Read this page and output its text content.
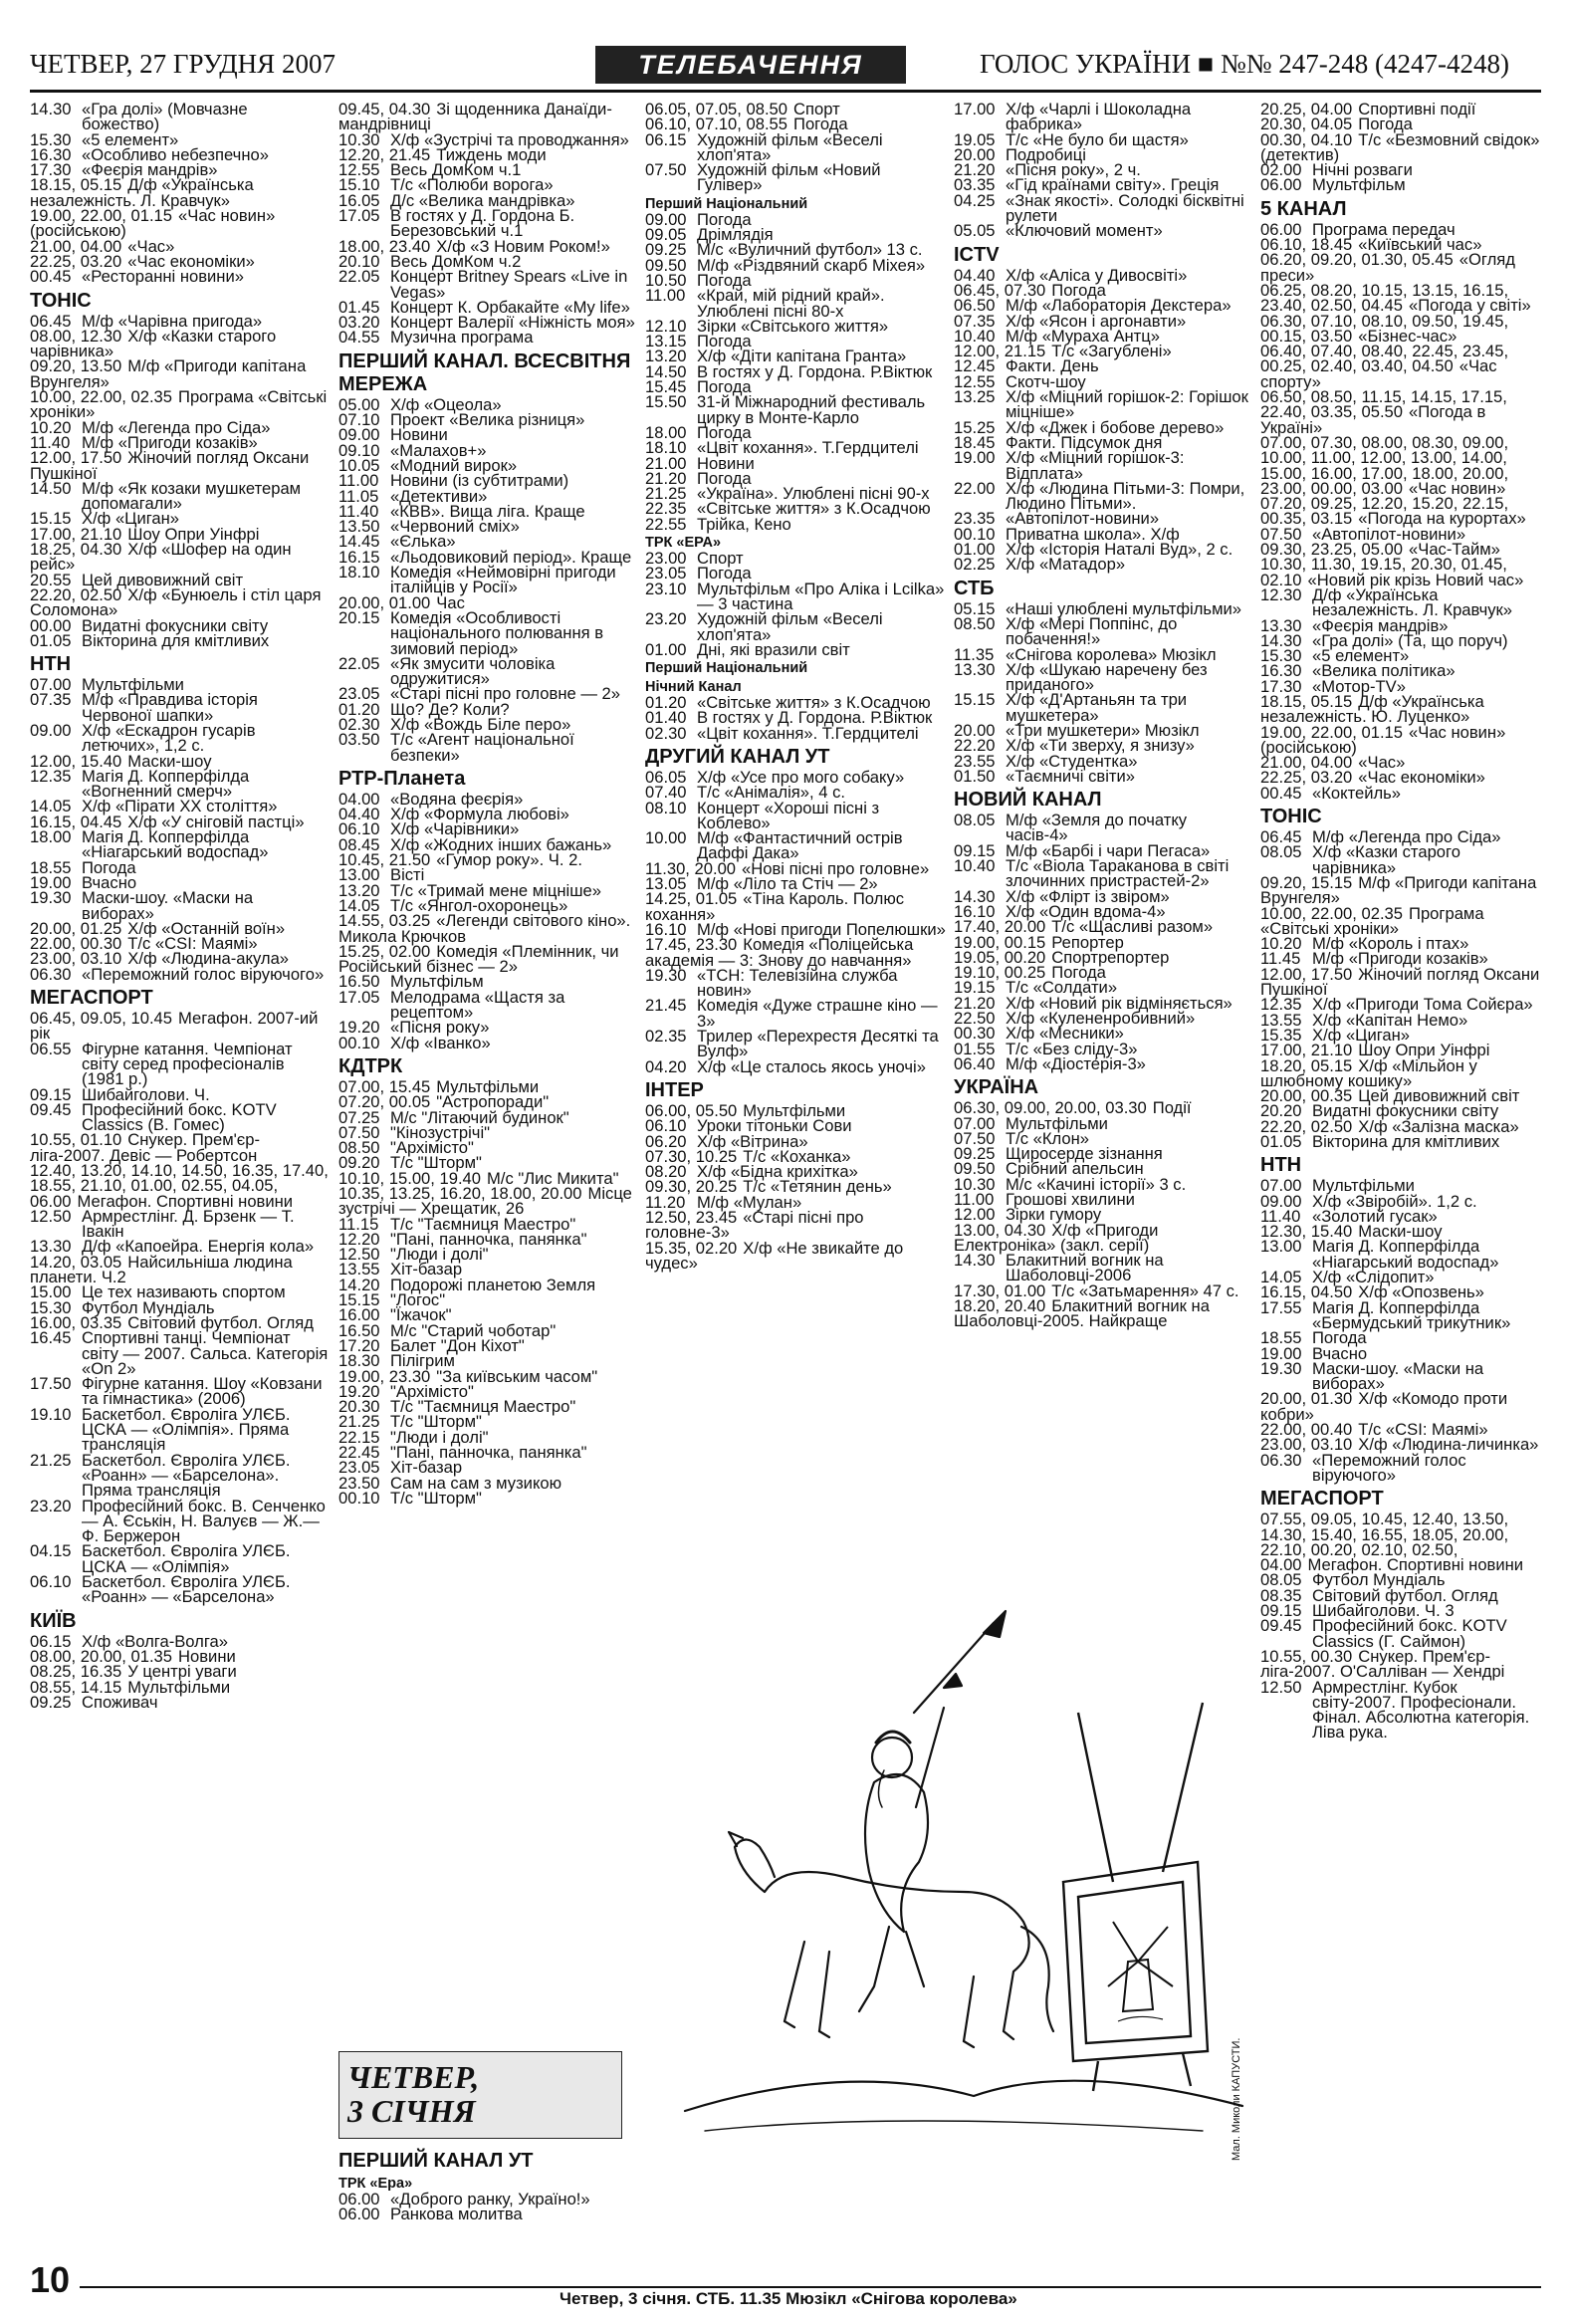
ЧЕТВЕР, 27 ГРУДНЯ 2007	ТЕЛЕБАЧЕННЯ	ГОЛОС УКРАЇНИ ■ №№ 247-248 (4247-4248)
14.30 «Гра долі» (Мовчазне божество)
15.30 «5 елемент»
16.30 «Особливо небезпечно»
17.30 «Феєрія мандрів»
18.15, 05.15 Д/ф «Українська незалежність. Л. Кравчук»
19.00, 22.00, 01.15 «Час новин» (російською)
21.00, 04.00 «Час»
22.25, 03.20 «Час економіки»
00.45 «Ресторанні новини»
ТОНІС
06.45 М/ф «Чарівна пригода»
08.00, 12.30 Х/ф «Казки старого чарівника»
09.20, 13.50 М/ф «Пригоди капітана Врунгеля»
10.00, 22.00, 02.35 Програма «Світські хроніки»
10.20 М/ф «Легенда про Сіда»
11.40 М/ф «Пригоди козаків»
12.00, 17.50 Жіночий погляд Оксани Пушкіної
14.50 М/ф «Як козаки мушкетерам допомагали»
15.15 Х/ф «Циган»
17.00, 21.10 Шоу Опри Уінфрі
18.25, 04.30 Х/ф «Шофер на один рейс»
20.55 Цей дивовижний світ
22.20, 02.50 Х/ф «Бунюель і стіл царя Соломона»
00.00 Видатні фокусники світу
01.05 Вікторина для кмітливих
НТН
07.00 Мультфільми
07.35 М/ф «Правдива історія Червоної шапки»
09.00 Х/ф «Ескадрон гусарів летючих», 1,2 с.
12.00, 15.40 Маски-шоу
12.35 Магія Д. Копперфілда «Вогненний смерч»
14.05 Х/ф «Пірати XX століття»
16.15, 04.45 Х/ф «У сніговій пастці»
18.00 Магія Д. Копперфілда «Ніагарський водоспад»
18.55 Погода
19.00 Вчасно
19.30 Маски-шоу. «Маски на виборах»
20.00, 01.25 Х/ф «Останній воїн»
22.00, 00.30 Т/с «CSI: Маямі»
23.00, 03.10 Х/ф «Людина-акула»
06.30 «Переможний голос віруючого»
МЕГАСПОРТ
06.45, 09.05, 10.45 Мегафон. 2007-ий рік
06.55 Фігурне катання. Чемпіонат світу серед професіоналів (1981 р.)
09.15 Шибайголови. Ч.
09.45 Професійний бокс. KOTV Classics (В. Гомес)
10.55, 01.10 Снукер. Прем'єр-ліга-2007. Девіс — Робертсон
12.40, 13.20, 14.10, 14.50, 16.35, 17.40, 18.55, 21.10, 01.00, 02.55, 04.05, 06.00 Мегафон. Спортивні новини
12.50 Армрестлінг. Д. Брзенк — Т. Івакін
13.30 Д/ф «Капоейра. Енергія кола»
14.20, 03.05 Найсильніша людина планети. Ч.2
15.00 Це тех називають спортом
15.30 Футбол Мундіаль
16.00, 03.35 Світовий футбол. Огляд
16.45 Спортивні танці. Чемпіонат світу — 2007. Сальса. Категорія «On 2»
17.50 Фігурне катання. Шоу «Ковзани та гімнастика» (2006)
19.10 Баскетбол. Євроліга УЛЄБ. ЦСКА — «Олімпія». Пряма трансляція
21.25 Баскетбол. Євроліга УЛЄБ. «Роанн» — «Барселона». Пряма трансляція
23.20 Професійний бокс. В. Сенченко — А. Єськін, Н. Валуєв — Ж.— Ф. Бержерон
04.15 Баскетбол. Євроліга УЛЄБ. ЦСКА — «Олімпія»
06.10 Баскетбол. Євроліга УЛЄБ. «Роанн» — «Барселона»
КИЇВ
06.15 Х/ф «Волга-Волга»
08.00, 20.00, 01.35 Новини
08.25, 16.35 У центрі уваги
08.55, 14.15 Мультфільми
09.25 Споживач
09.45, 04.30 Зі щоденника Данаїди-мандрівниці
10.30 Х/ф «Зустрічі та проводжання»
12.20, 21.45 Тиждень моди
12.55 Весь ДомКом ч.1
15.10 Т/с «Полюби ворога»
16.05 Д/с «Велика мандрівка»
17.05 В гостях у Д. Гордона Б. Березовський ч.1
18.00, 23.40 Х/ф «З Новим Роком!»
20.10 Весь ДомКом ч.2
22.05 Концерт Britney Spears «Live in Vegas»
01.45 Концерт К. Орбакайте «My life»
03.20 Концерт Валерії «Ніжність моя»
04.55 Музична програма
ПЕРШИЙ КАНАЛ. ВСЕСВІТНЯ МЕРЕЖА
05.00 Х/ф «Оцеола»
07.10 Проект «Велика різниця»
09.00 Новини
09.10 «Малахов+»
10.05 «Модний вирок»
11.00 Новини (із субтитрами)
11.05 «Детективи»
11.40 «КВВ». Вища ліга. Краще
13.50 «Червоний сміх»
14.45 «Єлька»
16.15 «Льодовиковий період». Краще
18.10 Комедія «Неймовірні пригоди італійців у Росії»
20.00, 01.00 Час
20.15 Комедія «Особливості національного полювання в зимовий період»
22.05 «Як змусити чоловіка одружитися»
23.05 «Старі пісні про головне — 2»
01.20 Що? Де? Коли?
02.30 Х/ф «Вождь Біле перо»
03.50 Т/с «Агент національної безпеки»
РТР-Планета
04.00 «Водяна феєрія»
04.40 Х/ф «Формула любові»
06.10 Х/ф «Чарівники»
08.45 Х/ф «Жодних інших бажань»
10.45, 21.50 «Гумор року». Ч. 2.
13.00 Вісті
13.20 Т/с «Тримай мене міцніше»
14.05 Т/с «Янгол-охоронець»
14.55, 03.25 «Легенди світового кіно». Микола Крючков
15.25, 02.00 Комедія «Племінник, чи Російський бізнес — 2»
16.50 Мультфільм
17.05 Мелодрама «Щастя за рецептом»
19.20 «Пісня року»
00.10 Х/ф «Іванко»
КДТРК
07.00, 15.45 Мультфільми
07.20, 00.05 "Астропоради"
07.25 М/с "Літаючий будинок"
07.50 "Кінозустрічі"
08.50 "Архімісто"
09.20 Т/с "Шторм"
10.10, 15.00, 19.40 М/с "Лис Микита"
10.35, 13.25, 16.20, 18.00, 20.00 Місце зустрічі — Хрещатик, 26
11.15 Т/с "Таємниця Маестро"
12.20 "Пані, панночка, панянка"
12.50 "Люди і долі"
13.55 Хіт-базар
14.20 Подорожі планетою Земля
15.15 "Логос"
16.00 "Їжачок"
16.50 М/с "Старий чоботар"
17.20 Балет "Дон Кіхот"
18.30 Пілігрим
19.00, 23.30 "За київським часом"
19.20 "Архімісто"
20.30 Т/с "Таємниця Маестро"
21.25 Т/с "Шторм"
22.15 "Люди і долі"
22.45 "Пані, панночка, панянка"
23.05 Хіт-базар
23.50 Сам на сам з музикою
00.10 Т/с "Шторм"
06.05, 07.05, 08.50 Спорт
06.10, 07.10, 08.55 Погода
06.15 Художній фільм «Веселі хлоп'ята»
07.50 Художній фільм «Новий Гулівер»
Перший Національний
09.00 Погода
09.05 Дрімлядія
09.25 М/с «Вуличний футбол» 13 с.
09.50 М/ф «Різдвяний скарб Міхея»
10.50 Погода
11.00 «Край, мій рідний край». Улюблені пісні 80-х
12.10 Зірки «Світського життя»
13.15 Погода
13.20 Х/ф «Діти капітана Гранта»
14.50 В гостях у Д. Гордона. Р.Віктюк
15.45 Погода
15.50 31-й Міжнародний фестиваль цирку в Монте-Карло
18.00 Погода
18.10 «Цвіт кохання». Т.Гердцителі
21.00 Новини
21.20 Погода
21.25 «Україна». Улюблені пісні 90-х
22.35 «Світське життя» з К.Осадчою
22.55 Трійка, Кено
ТРК «ЕРА»
23.00 Спорт
23.05 Погода
23.10 Мультфільм «Про Аліка і Lcilka» — 3 частина
23.20 Художній фільм «Веселі хлоп'ята»
01.00 Дні, які вразили світ
Перший Національний
Нічний Канал
01.20 «Світське життя» з К.Осадчою
01.40 В гостях у Д. Гордона. Р.Віктюк
02.30 «Цвіт кохання». Т.Гердцителі
ДРУГИЙ КАНАЛ УТ
06.05 Х/ф «Усе про мого собаку»
07.40 Т/с «Анімалія», 4 с.
08.10 Концерт «Хороші пісні з Коблево»
10.00 М/ф «Фантастичний острів Даффі Дака»
11.30, 20.00 «Нові пісні про головне»
13.05 М/ф «Ліло та Стіч — 2»
14.25, 01.05 «Тіна Кароль. Полюс кохання»
16.10 М/ф «Нові пригоди Попелюшки»
17.45, 23.30 Комедія «Поліцейська академія — 3: Знову до навчання»
19.30 «ТСН: Телевізійна служба новин»
21.45 Комедія «Дуже страшне кіно — 3»
02.35 Трилер «Перехрестя Десяткі та Вулф»
04.20 Х/ф «Це сталось якось уночі»
ІНТЕР
06.00, 05.50 Мультфільми
06.10 Уроки тітоньки Сови
06.20 Х/ф «Вітрина»
07.30, 10.25 Т/с «Коханка»
08.20 Х/ф «Бідна крихітка»
09.30, 20.25 Т/с «Тетянин день»
11.20 М/ф «Мулан»
12.50, 23.45 «Старі пісні про головне-3»
15.35, 02.20 Х/ф «Не звикайте до чудес»
17.00 Х/ф «Чарлі і Шоколадна фабрика»
19.05 Т/с «Не було би щастя»
20.00 Подробиці
21.20 «Пісня року», 2 ч.
03.35 «Гід країнами світу». Греція
04.25 «Знак якості». Солодкі бісквітні рулети
05.05 «Ключовий момент»
ICTV
04.40 Х/ф «Аліса у Дивосвіті»
06.45, 07.30 Погода
06.50 М/ф «Лабораторія Декстера»
07.35 Х/ф «Ясон і аргонавти»
10.40 М/ф «Мураха Антц»
12.00, 21.15 Т/с «Загублені»
12.45 Факти. День
12.55 Скотч-шоу
13.25 Х/ф «Міцний горішок-2: Горішок міцніше»
15.25 Х/ф «Джек і бобове дерево»
18.45 Факти. Підсумок дня
19.00 Х/ф «Міцний горішок-3: Відплата»
22.00 Х/ф «Людина Пітьми-3: Помри, Людино Пітьми».
23.35 «Автопілот-новини»
00.10 Приватна школа». Х/ф
01.00 Х/ф «Історія Наталі Вуд», 2 с.
02.25 Х/ф «Матадор»
СТБ
05.15 «Наші улюблені мультфільми»
08.50 Х/ф «Мері Поппінс, до побачення!»
11.35 «Снігова королева» Мюзікл
13.30 Х/ф «Шукаю наречену без приданого»
15.15 Х/ф «Д'Артаньян та три мушкетера»
20.00 «Три мушкетери» Мюзікл
22.20 Х/ф «Ти зверху, я знизу»
23.55 Х/ф «Студентка»
01.50 «Таємничі світи»
НОВИЙ КАНАЛ
08.05 М/ф «Земля до початку часів-4»
09.15 М/ф «Барбі і чари Пегаса»
10.40 Т/с «Віола Тараканова в світі злочинних пристрастей-2»
14.30 Х/ф «Флірт із звіром»
16.10 Х/ф «Один вдома-4»
17.40, 20.00 Т/с «Щасливі разом»
19.00, 00.15 Репортер
19.05, 00.20 Спортрепортер
19.10, 00.25 Погода
19.15 Т/с «Солдати»
21.20 Х/ф «Новий рік відміняється»
22.50 Х/ф «Кулененробивний»
00.30 Х/ф «Месники»
01.55 Т/с «Без сліду-3»
06.40 М/ф «Діосте́рія-3»
УКРАЇНА
06.30, 09.00, 20.00, 03.30 Події
07.00 Мультфільми
07.50 Т/с «Клон»
09.25 Щиросерде зізнання
09.50 Срібний апельсин
10.30 М/с «Качині історії» 3 с.
11.00 Грошові хвилини
12.00 Зірки гумору
13.00, 04.30 Х/ф «Пригоди Електроніка» (закл. серії)
14.30 Блакитний вогник на Шаболовці-2006
17.30, 01.00 Т/с «Затьмарення» 47 с.
18.20, 20.40 Блакитний вогник на Шаболовці-2005. Найкраще
20.25, 04.00 Спортивні події
20.30, 04.05 Погода
00.30, 04.10 Т/с «Безмовний свідок» (детектив)
02.00 Нічні розваги
06.00 Мультфільм
5 КАНАЛ
06.00 Програма передач
06.10, 18.45 «Київський час»
06.20, 09.20, 01.30, 05.45 «Огляд преси»
06.25, 08.20, 10.15, 13.15, 16.15, 23.40, 02.50, 04.45 «Погода у світі»
06.30, 07.10, 08.10, 09.50, 19.45, 00.15, 03.50 «Бізнес-час»
06.40, 07.40, 08.40, 22.45, 23.45, 00.25, 02.40, 03.40, 04.50 «Час спорту»
06.50, 08.50, 11.15, 14.15, 17.15, 22.40, 03.35, 05.50 «Погода в Україні»
07.00, 07.30, 08.00, 08.30, 09.00, 10.00, 11.00, 12.00, 13.00, 14.00, 15.00, 16.00, 17.00, 18.00, 20.00, 23.00, 00.00, 03.00 «Час новин»
07.20, 09.25, 12.20, 15.20, 22.15, 00.35, 03.15 «Погода на курортах»
07.50 «Автопілот-новини»
09.30, 23.25, 05.00 «Час-Тайм»
10.30, 11.30, 19.15, 20.30, 01.45, 02.10 «Новий рік крізь Новий час»
12.30 Д/ф «Українська незалежність. Л. Кравчук»
13.30 «Феєрія мандрів»
14.30 «Гра долі» (Та, що поруч)
15.30 «5 елемент»
16.30 «Велика політика»
17.30 «Мотор-TV»
18.15, 05.15 Д/ф «Українська незалежність. Ю. Луценко»
19.00, 22.00, 01.15 «Час новин» (російською)
21.00, 04.00 «Час»
22.25, 03.20 «Час економіки»
00.45 «Коктейль»
ТОНІС
06.45 М/ф «Легенда про Сіда»
08.05 Х/ф «Казки старого чарівника»
09.20, 15.15 М/ф «Пригоди капітана Врунгеля»
10.00, 22.00, 02.35 Програма «Світські хроніки»
10.20 М/ф «Король і птах»
11.45 М/ф «Пригоди козаків»
12.00, 17.50 Жіночий погляд Оксани Пушкіної
12.35 Х/ф «Пригоди Тома Сойєра»
13.55 Х/ф «Капітан Немо»
15.35 Х/ф «Циган»
17.00, 21.10 Шоу Опри Уінфрі
18.20, 05.15 Х/ф «Мільйон у шлюбному кошику»
20.00, 00.35 Цей дивовижний світ
20.20 Видатні фокусники світу
22.20, 02.50 Х/ф «Залізна маска»
01.05 Вікторина для кмітливих
НТН
07.00 Мультфільми
09.00 Х/ф «Звіробій». 1,2 с.
11.40 «Золотий гусак»
12.30, 15.40 Маски-шоу
13.00 Магія Д. Копперфілда «Ніагарський водоспад»
14.05 Х/ф «Слідопит»
16.15, 04.50 Х/ф «Опозвень»
17.55 Магія Д. Копперфілда «Бермудський трикутник»
18.55 Погода
19.00 Вчасно
19.30 Маски-шоу. «Маски на виборах»
20.00, 01.30 Х/ф «Комодо проти кобри»
22.00, 00.40 Т/с «CSI: Маямі»
23.00, 03.10 Х/ф «Людина-личинка»
06.30 «Переможний голос віруючого»
МЕГАСПОРТ
07.55, 09.05, 10.45, 12.40, 13.50, 14.30, 15.40, 16.55, 18.05, 20.00, 22.10, 00.20, 02.10, 02.50, 04.00 Мегафон. Спортивні новини
08.05 Футбол Мундіаль
08.35 Світовий футбол. Огляд
09.15 Шибайголови. Ч. 3
09.45 Професійний бокс. KOTV Classics (Г. Саймон)
10.55, 00.30 Снукер. Прем'єр-ліга-2007. О'Салліван — Хендрі
12.50 Армрестлінг. Кубок світу-2007. Професіонали. Фінал. Абсолютна категорія. Ліва рука.
ЧЕТВЕР,
3 СІЧНЯ
ПЕРШИЙ КАНАЛ УТ
ТРК «Ера»
06.00 «Доброго ранку, Україно!»
06.00 Ранкова молитва
Мал. Миколи КАПУСТИ.
10	Четвер, 3 січня. СТБ. 11.35 Мюзікл «Снігова королева»
